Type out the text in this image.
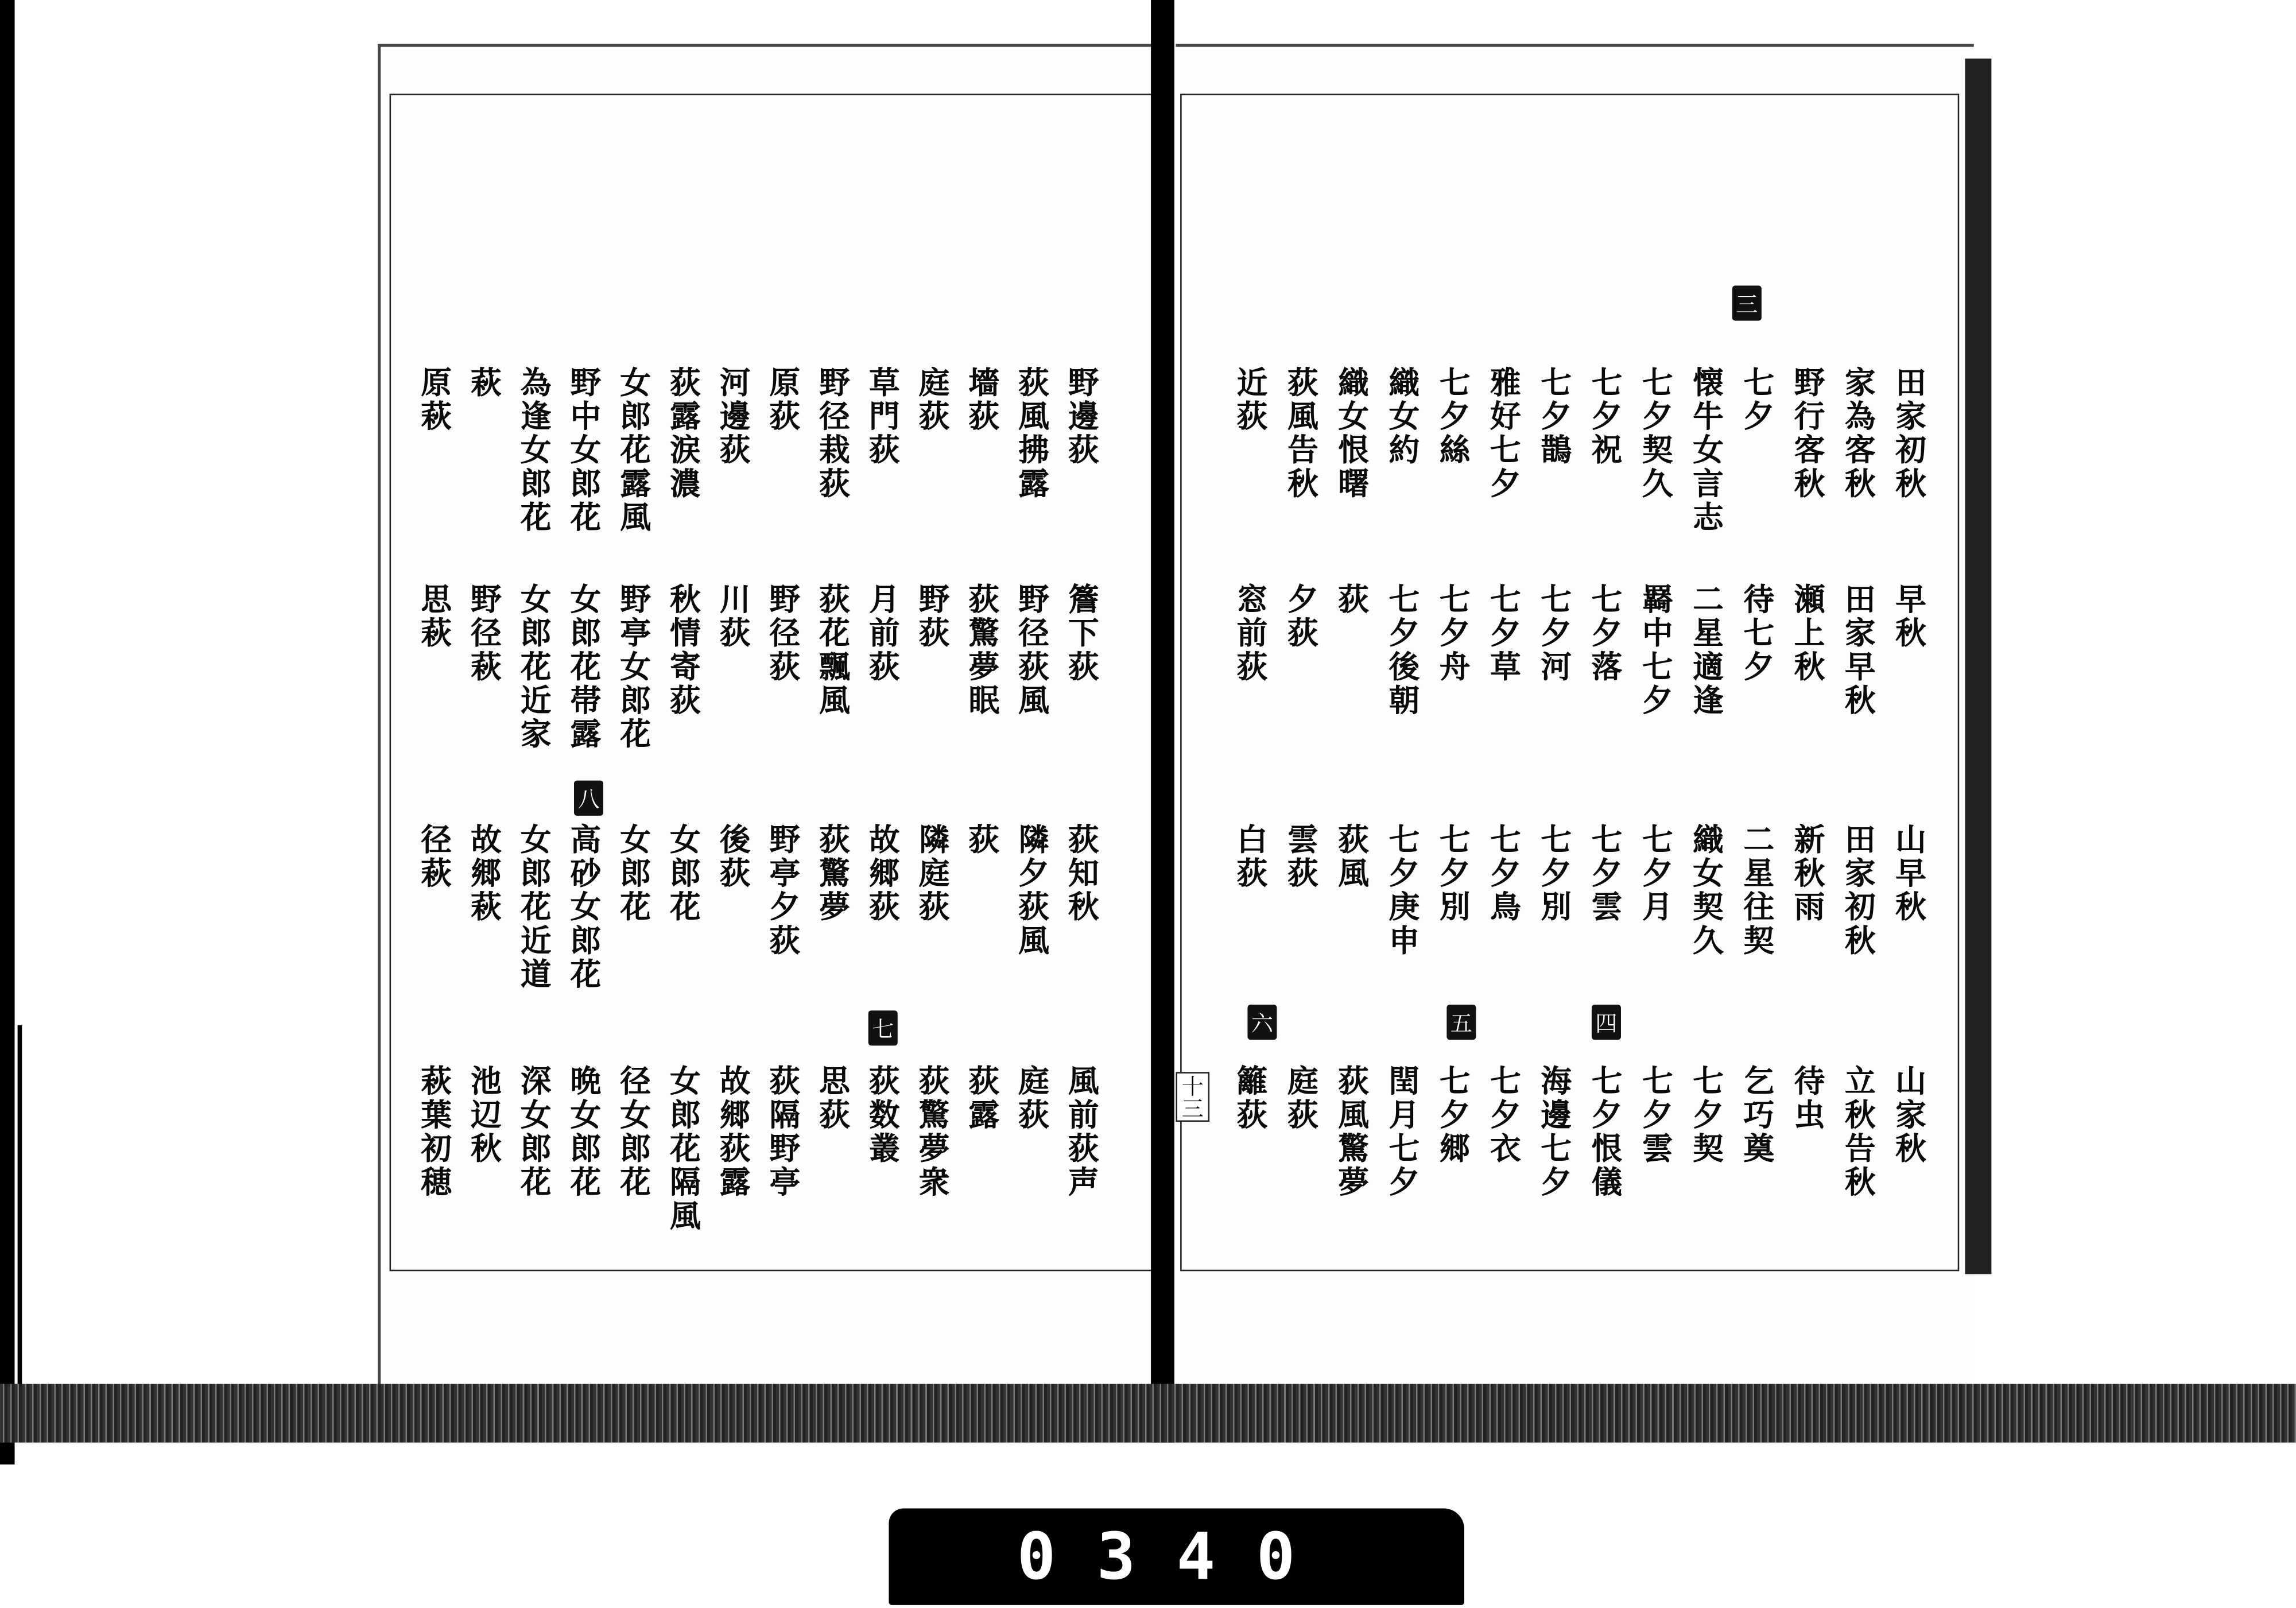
田家初秋
家為客秋
野行客秋
七夕
懐牛女言志
七夕契久
七夕祝
七夕鵲
雅好七夕
七夕絲
織女約
織女恨曙
荻風告秋
近荻
早秋
田家早秋
瀬上秋
待七夕
二星適逢
羇中七夕
七夕落
七夕河
七夕草
七夕舟
七夕後朝
荻
夕荻
窓前荻
山早秋
田家初秋
新秋雨
二星往契
織女契久
七夕月
七夕雲
七夕別
七夕鳥
七夕別
七夕庚申
荻風
雲荻
白荻
山家秋
立秋告秋
待虫
乞巧奠
七夕契
七夕雲
七夕恨儀
海邊七夕
七夕衣
七夕郷
閏月七夕
荻風驚夢
庭荻
籬荻
野邊荻
荻風拂露
墻荻
庭荻
草門荻
野径栽荻
原荻
河邊荻
荻露涙濃
女郎花露風
野中女郎花
為逢女郎花
萩
原萩
簷下荻
野径荻風
荻驚夢眠
野荻
月前荻
荻花飄風
野径荻
川荻
秋情寄荻
野亭女郎花
女郎花帯露
女郎花近家
野径萩
思萩
荻知秋
隣夕荻風
荻
隣庭荻
故郷荻
荻驚夢
野亭夕荻
後荻
女郎花
女郎花
高砂女郎花
女郎花近道
故郷萩
径萩
風前荻声
庭荻
荻露
荻驚夢衆
荻数叢
思荻
荻隔野亭
故郷荻露
女郎花隔風
径女郎花
晩女郎花
深女郎花
池辺秋
萩葉初穂
三
四
五
六
七
八
十三
0340
